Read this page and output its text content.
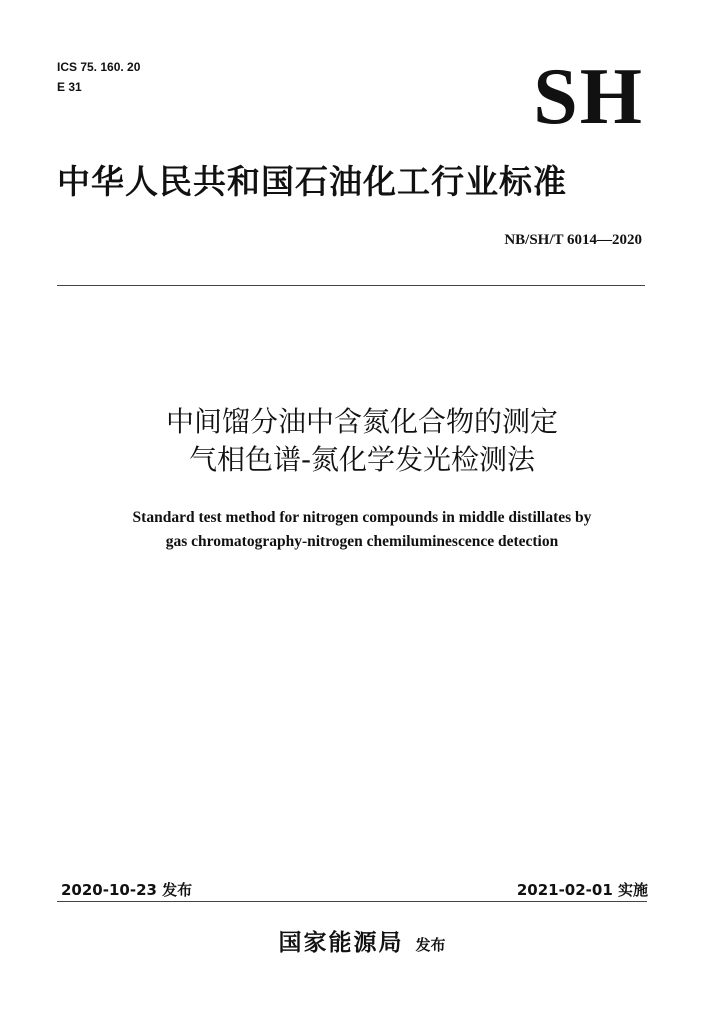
ICS 75. 160. 20
E 31	SH
中华人民共和国石油化工行业标准
NB/SH/T 6014—2020
中间馏分油中含氮化合物的测定
气相色谱-氮化学发光检测法
Standard test method for nitrogen compounds in middle distillates by
gas chromatography-nitrogen chemiluminescence detection
2020-10-23 发布	2021-02-01 实施
国家能源局 发布
